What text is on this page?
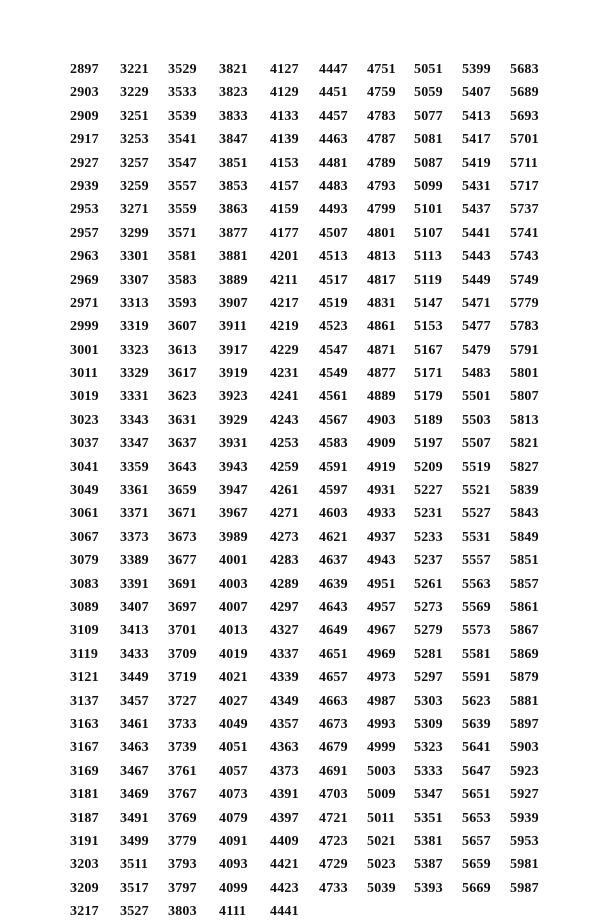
2897
2903
2909
2917
2927
2939
2953
2957
2963
2969
2971
2999
3001
3011
3019
3023
3037
3041
3049
3061
3067
3079
3083
3089
3109
3119
3121
3137
3163
3167
3169
3181
3187
3191
3203
3209
3217
3221
3229
3251
3253
3257
3259
3271
3299
3301
3307
3313
3319
3323
3329
3331
3343
3347
3359
3361
3371
3373
3389
3391
3407
3413
3433
3449
3457
3461
3463
3467
3469
3491
3499
3511
3517
3527
3529
3533
3539
3541
3547
3557
3559
3571
3581
3583
3593
3607
3613
3617
3623
3631
3637
3643
3659
3671
3673
3677
3691
3697
3701
3709
3719
3727
3733
3739
3761
3767
3769
3779
3793
3797
3803
3821
3823
3833
3847
3851
3853
3863
3877
3881
3889
3907
3911
3917
3919
3923
3929
3931
3943
3947
3967
3989
4001
4003
4007
4013
4019
4021
4027
4049
4051
4057
4073
4079
4091
4093
4099
4111
4127
4129
4133
4139
4153
4157
4159
4177
4201
4211
4217
4219
4229
4231
4241
4243
4253
4259
4261
4271
4273
4283
4289
4297
4327
4337
4339
4349
4357
4363
4373
4391
4397
4409
4421
4423
4441
4447
4451
4457
4463
4481
4483
4493
4507
4513
4517
4519
4523
4547
4549
4561
4567
4583
4591
4597
4603
4621
4637
4639
4643
4649
4651
4657
4663
4673
4679
4691
4703
4721
4723
4729
4733
4751
4759
4783
4787
4789
4793
4799
4801
4813
4817
4831
4861
4871
4877
4889
4903
4909
4919
4931
4933
4937
4943
4951
4957
4967
4969
4973
4987
4993
4999
5003
5009
5011
5021
5023
5039
5051
5059
5077
5081
5087
5099
5101
5107
5113
5119
5147
5153
5167
5171
5179
5189
5197
5209
5227
5231
5233
5237
5261
5273
5279
5281
5297
5303
5309
5323
5333
5347
5351
5381
5387
5393
5399
5407
5413
5417
5419
5431
5437
5441
5443
5449
5471
5477
5479
5483
5501
5503
5507
5519
5521
5527
5531
5557
5563
5569
5573
5581
5591
5623
5639
5641
5647
5651
5653
5657
5659
5669
5683
5689
5693
5701
5711
5717
5737
5741
5743
5749
5779
5783
5791
5801
5807
5813
5821
5827
5839
5843
5849
5851
5857
5861
5867
5869
5879
5881
5897
5903
5923
5927
5939
5953
5981
5987
